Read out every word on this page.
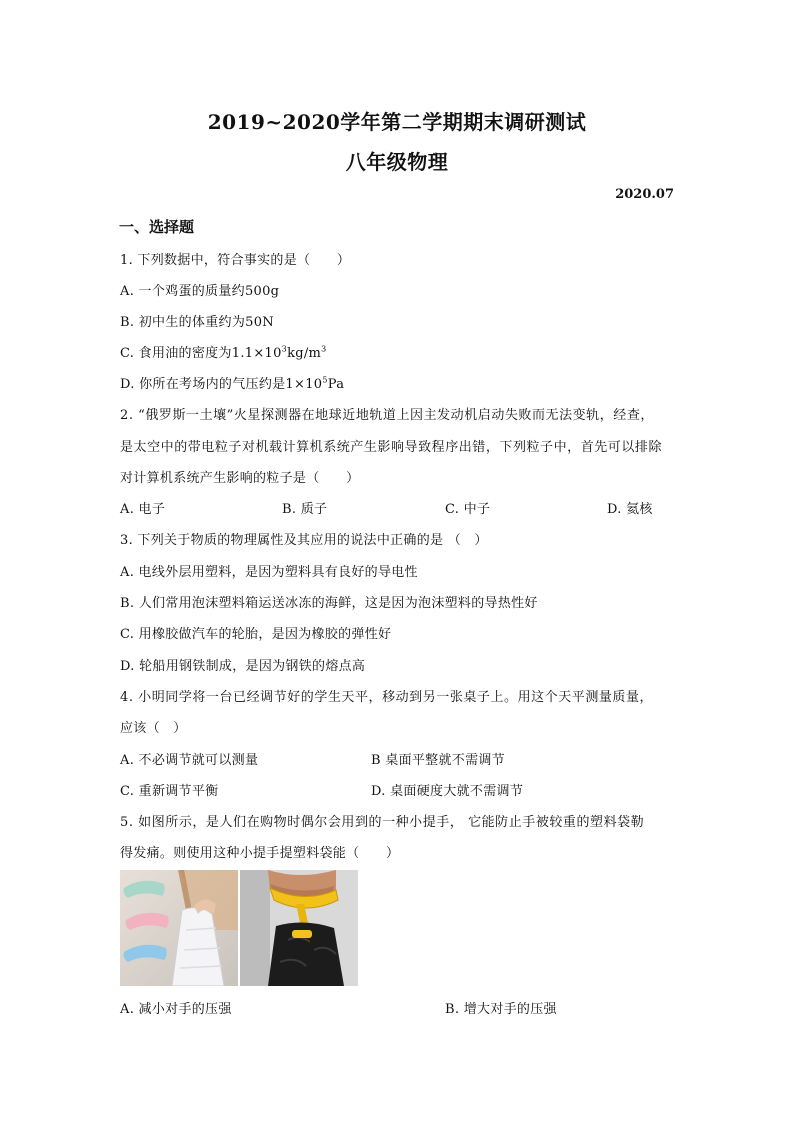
2019~2020学年第二学期期末调研测试
八年级物理
2020.07
一、选择题
1. 下列数据中，符合事实的是（　　）
A. 一个鸡蛋的质量约500g
B. 初中生的体重约为50N
C. 食用油的密度为$1.1\times 10^3kg/m^3$
D. 你所在考场内的气压约是$1\times 10^5Pa$
2. “俄罗斯一土壤”火星探测器在地球近地轨道上因主发动机启动失败而无法变轨，经查，
是太空中的带电粒子对机载计算机系统产生影响导致程序出错，下列粒子中，首先可以排除
对计算机系统产生影响的粒子是（　　）
A. 电子	B. 质子	C. 中子	D. 氦核
3. 下列关于物质的物理属性及其应用的说法中正确的是 （　）
A. 电线外层用塑料，是因为塑料具有良好的导电性
B. 人们常用泡沫塑料箱运送冰冻的海鲜，这是因为泡沫塑料的导热性好
C. 用橡胶做汽车的轮胎，是因为橡胶的弹性好
D. 轮船用钢铁制成，是因为钢铁的熔点高
4. 小明同学将一台已经调节好的学生天平，移动到另一张桌子上。用这个天平测量质量，
应该（　）
A. 不必调节就可以测量	B 桌面平整就不需调节
C. 重新调节平衡	D. 桌面硬度大就不需调节
5. 如图所示，是人们在购物时偶尔会用到的一种小提手， 它能防止手被较重的塑料袋勒
得发痛。则使用这种小提手提塑料袋能（　　）
A. 减小对手的压强	B. 增大对手的压强
